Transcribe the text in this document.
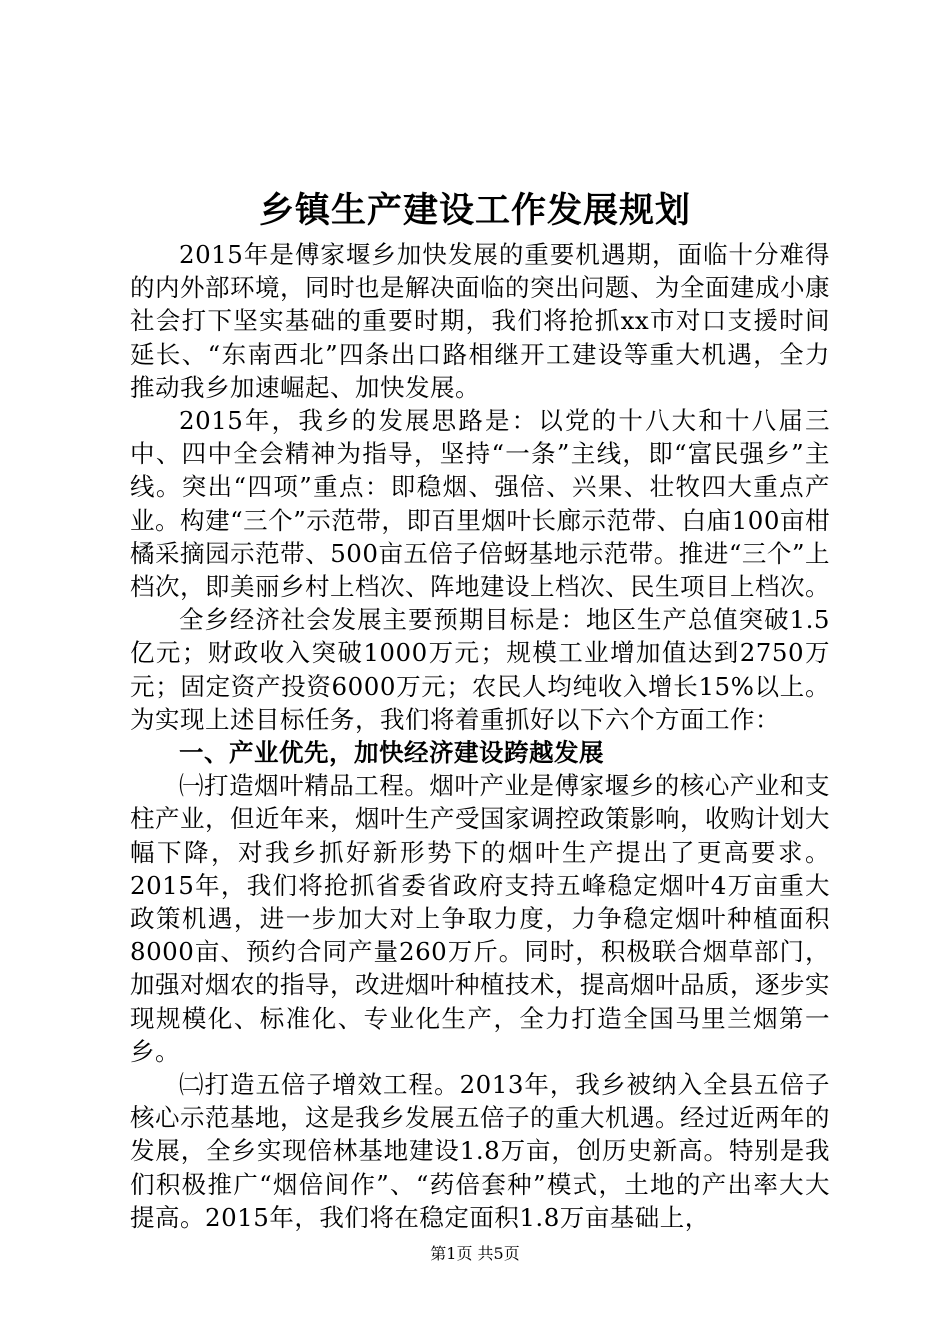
乡镇生产建设工作发展规划

2015年是傅家堰乡加快发展的重要机遇期，面临十分难得的内外部环境，同时也是解决面临的突出问题、为全面建成小康社会打下坚实基础的重要时期，我们将抢抓xx市对口支援时间延长、“东南西北”四条出口路相继开工建设等重大机遇，全力推动我乡加速崛起、加快发展。

2015年，我乡的发展思路是：以党的十八大和十八届三中、四中全会精神为指导，坚持“一条”主线，即“富民强乡”主线。突出“四项”重点：即稳烟、强倍、兴果、壮牧四大重点产业。构建“三个”示范带，即百里烟叶长廊示范带、白庙100亩柑橘采摘园示范带、500亩五倍子倍蚜基地示范带。推进“三个”上档次，即美丽乡村上档次、阵地建设上档次、民生项目上档次。

全乡经济社会发展主要预期目标是：地区生产总值突破1.5亿元；财政收入突破1000万元；规模工业增加值达到2750万元；固定资产投资6000万元；农民人均纯收入增长15%以上。为实现上述目标任务，我们将着重抓好以下六个方面工作：

一、产业优先，加快经济建设跨越发展

㈠打造烟叶精品工程。烟叶产业是傅家堰乡的核心产业和支柱产业，但近年来，烟叶生产受国家调控政策影响，收购计划大幅下降，对我乡抓好新形势下的烟叶生产提出了更高要求。2015年，我们将抢抓省委省政府支持五峰稳定烟叶4万亩重大政策机遇，进一步加大对上争取力度，力争稳定烟叶种植面积8000亩、预约合同产量260万斤。同时，积极联合烟草部门，加强对烟农的指导，改进烟叶种植技术，提高烟叶品质，逐步实现规模化、标准化、专业化生产，全力打造全国马里兰烟第一乡。

㈡打造五倍子增效工程。2013年，我乡被纳入全县五倍子核心示范基地，这是我乡发展五倍子的重大机遇。经过近两年的发展，全乡实现倍林基地建设1.8万亩，创历史新高。特别是我们积极推广“烟倍间作”、“药倍套种”模式，土地的产出率大大提高。2015年，我们将在稳定面积1.8万亩基础上，

第1页 共5页
